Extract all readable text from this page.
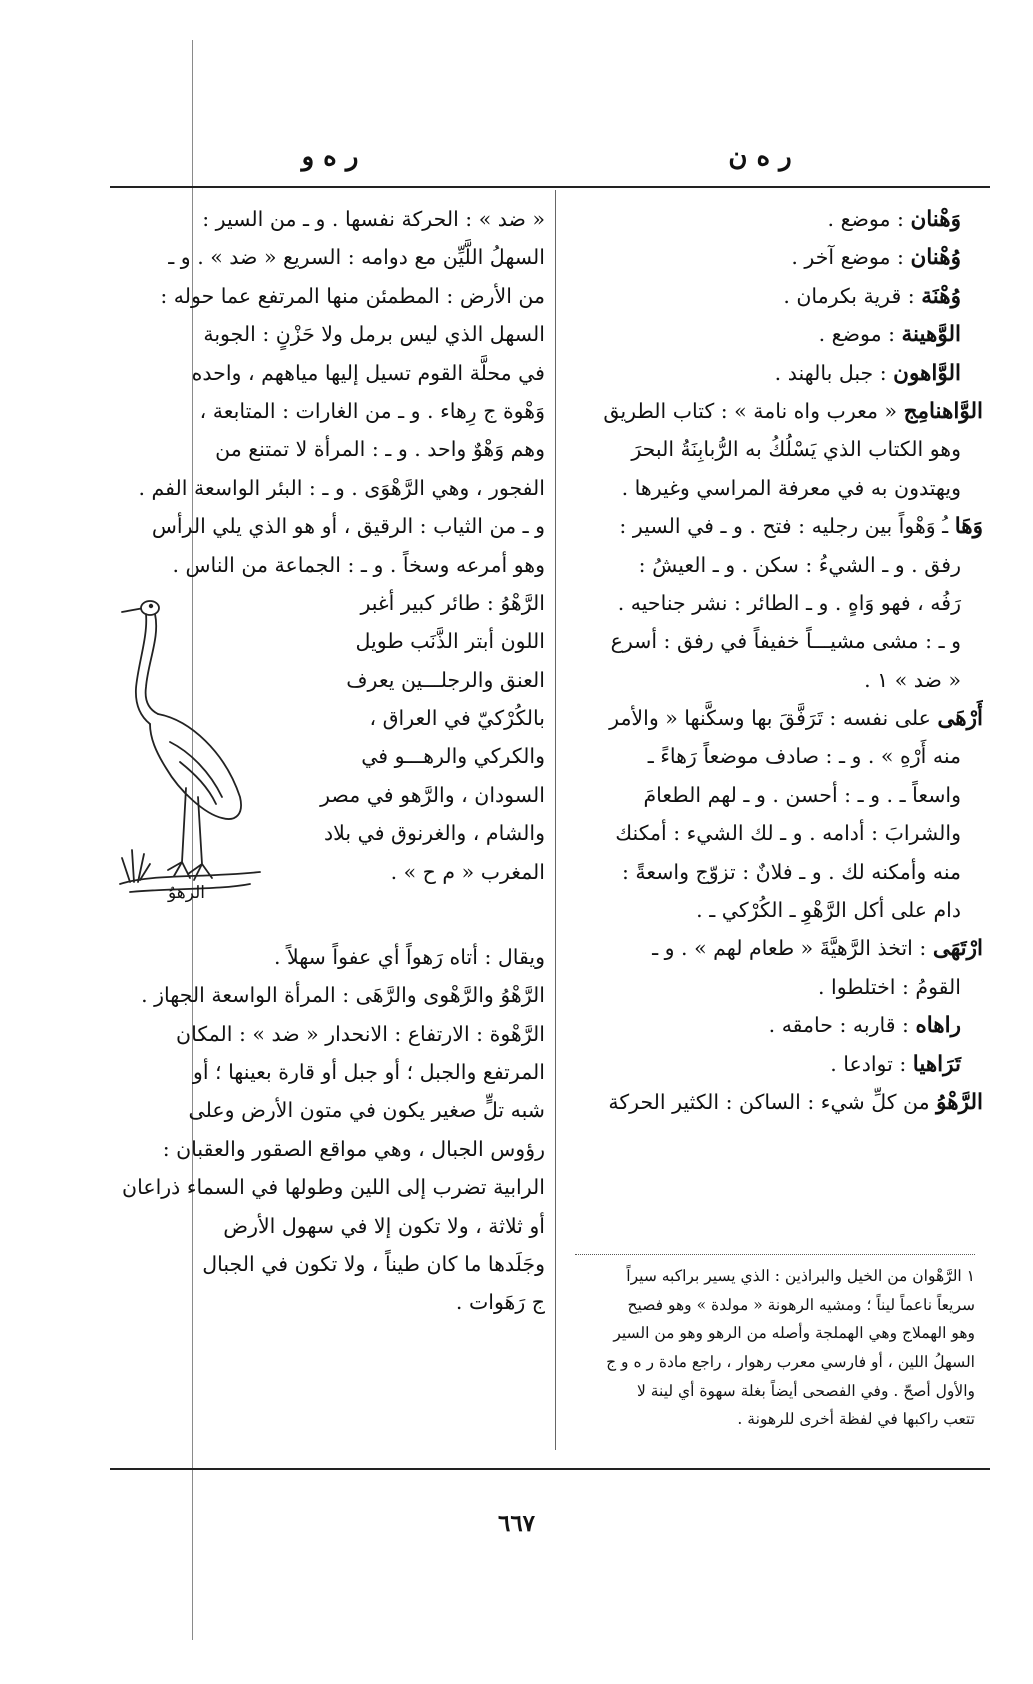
ر ه ن
ر ه و
وَهْنان : موضع .
وُهْنان : موضع آخر .
وُهْنَة : قرية بكرمان .
الوَّهينة : موضع .
الوَّاهون : جبل بالهند .
الوَّاهنامِج « معرب واه نامة » : كتاب الطريق
وهو الكتاب الذي يَسْلُكُ به الرُّبابِنَةُ البحرَ
ويهتدون به في معرفة المراسي وغيرها .
وَهَا ـُ وَهْواً بين رجليه : فتح . و ـ في السير :
رفق . و ـ الشيءُ : سكن . و ـ العيشُ :
رَفُه ، فهو وَاهٍ . و ـ الطائر : نشر جناحيه .
و ـ : مشى مشيـــاً خفيفاً في رفق : أسرع
« ضد » ١ .
أَرْهَى على نفسه : تَرَفَّقَ بها وسكَّنها « والأمر
منه أَرْهِ » . و ـ : صادف موضعاً رَهاءً ـ
واسعاً ـ . و ـ : أحسن . و ـ لهم الطعامَ
والشرابَ : أدامه . و ـ لك الشيء : أمكنك
منه وأمكنه لك . و ـ فلانٌ : تزوّج واسعةً :
دام على أكل الرَّهْوِ ـ الكُرْكي ـ .
ارْتَهَى : اتخذ الرَّهيَّةَ « طعام لهم » . و ـ
القومُ : اختلطوا .
راهاه : قاربه : حامقه .
تَرَاهيا : توادعا .
الرَّهْوُ من كلِّ شيء : الساكن : الكثير الحركة
١ الرَّهْوان من الخيل والبراذين : الذي يسير براكبه سيراً
سريعاً ناعماً ليناً ؛ ومشيه الرهونة « مولدة » وهو فصيح
وهو الهملاج وهي الهملجة وأصله من الرهو وهو من السير
السهلُ اللين ، أو فارسي معرب رهوار ، راجع مادة ر ه و ج
والأول أصحّ . وفي الفصحى أيضاً بغلة سهوة أي لينة لا
تتعب راكبها في لفظة أخرى للرهونة .
« ضد » : الحركة نفسها . و ـ من السير :
السهلُ اللَّيِّن مع دوامه : السريع « ضد » . و ـ
من الأرض : المطمئن منها المرتفع عما حوله :
السهل الذي ليس برمل ولا حَزْنٍ : الجوبة
في محلَّة القوم تسيل إليها مياههم ، واحده
وَهْوة ج رِهاء . و ـ من الغارات : المتابعة ،
وهم وَهْوٌ واحد . و ـ : المرأة لا تمتنع من
الفجور ، وهي الرَّهْوَى . و ـ : البئر الواسعة الفم .
و ـ من الثياب : الرقيق ، أو هو الذي يلي الرأس
وهو أمرعه وسخاً . و ـ : الجماعة من الناس .
الرَّهْوُ : طائر كبير أغبر
اللون أبتر الذَّنَب طويل
العنق والرجلـــين يعرف
بالكُرْكيّ في العراق ،
والكركي والرهـــو في
السودان ، والرَّهو في مصر
والشام ، والغرنوق في بلاد
المغرب « م ح » .
الرهوُ
ويقال : أتاه رَهواً أي عفواً سهلاً .
الرَّهْوُ والرَّهْوى والرَّهَى : المرأة الواسعة الجهاز .
الرَّهْوة : الارتفاع : الانحدار « ضد » : المكان
المرتفع والجبل ؛ أو جبل أو قارة بعينها ؛ أو
شبه تلٍّ صغير يكون في متون الأرض وعلى
رؤوس الجبال ، وهي مواقع الصقور والعقبان :
الرابية تضرب إلى اللين وطولها في السماء ذراعان
أو ثلاثة ، ولا تكون إلا في سهول الأرض
وجَلَدها ما كان طيناً ، ولا تكون في الجبال
ج رَهَوات .
٦٦٧
